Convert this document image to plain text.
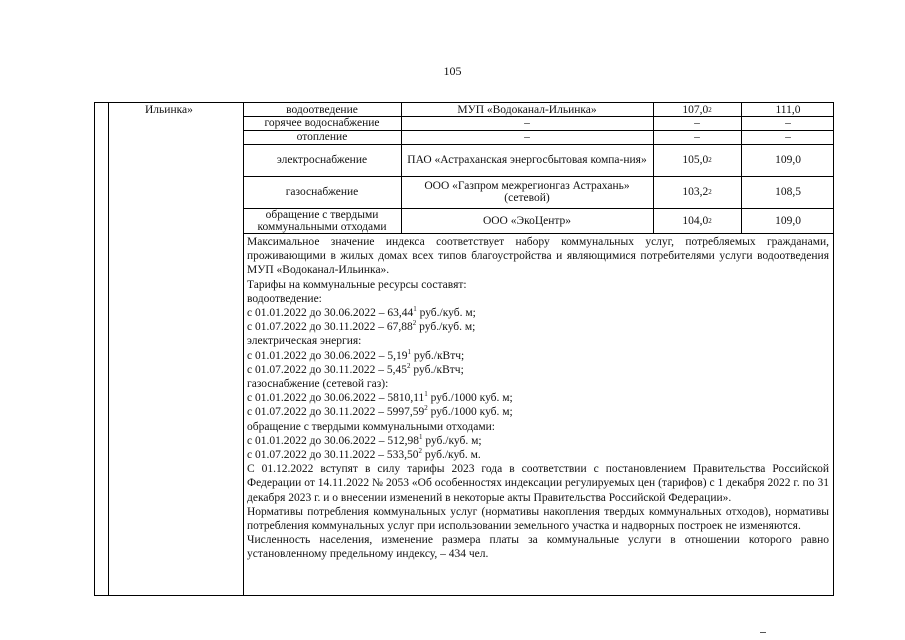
105
Ильинка»	водоотведение	МУП «Водоканал-Ильинка»	107,0 2	111,0
горячее водоснабжение	–	–	–
отопление	–	–	–
электроснабжение	ПАО «Астраханская энергосбытовая компа-ния»	105,0 2	109,0
газоснабжение	ООО «Газпром межрегионгаз Астрахань» (сетевой)	103,2 2	108,5
обращение с твердыми коммунальными отходами	ООО «ЭкоЦентр»	104,0 2	109,0

Максимальное значение индекса соответствует набору коммунальных услуг, потребляемых гражданами, проживающими в жилых домах всех типов благоустройства и являющимися потребителями услуги водоотведения МУП «Водоканал-Ильинка».

Тарифы на коммунальные ресурсы составят:

водоотведение:

с 01.01.2022 до 30.06.2022 – 63,44$^1$ руб./куб. м;

с 01.07.2022 до 30.11.2022 – 67,88$^2$ руб./куб. м;

электрическая энергия:

с 01.01.2022 до 30.06.2022 – 5,19$^1$ руб./кВтч;

с 01.07.2022 до 30.11.2022 – 5,45$^2$ руб./кВтч;

газоснабжение (сетевой газ):

с 01.01.2022 до 30.06.2022 – 5810,11$^1$ руб./1000 куб. м;

с 01.07.2022 до 30.11.2022 – 5997,59$^2$ руб./1000 куб. м;

обращение с твердыми коммунальными отходами:

с 01.01.2022 до 30.06.2022 – 512,98$^1$ руб./куб. м;

с 01.07.2022 до 30.11.2022 – 533,50$^2$ руб./куб. м.

С 01.12.2022 вступят в силу тарифы 2023 года в соответствии с постановлением Правительства Российской Федерации от 14.11.2022 № 2053 «Об особенностях индексации регулируемых цен (тарифов) с 1 декабря 2022 г. по 31 декабря 2023 г. и о внесении изменений в некоторые акты Правительства Российской Федерации».

Нормативы потребления коммунальных услуг (нормативы накопления твердых коммунальных отходов), нормативы потребления коммунальных услуг при использовании земельного участка и надворных построек не изменяются.

Численность населения, изменение размера платы за коммунальные услуги в отношении которого равно установленному предельному индексу, – 434 чел.
